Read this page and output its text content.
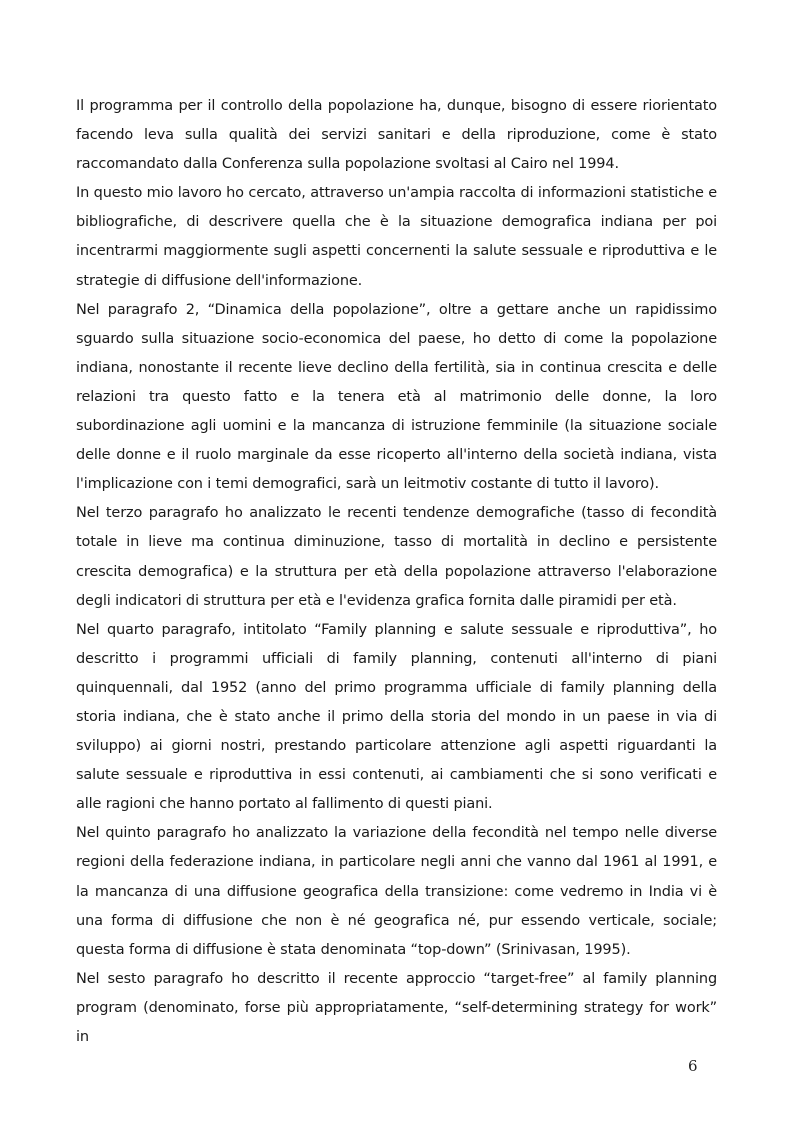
Il programma per il controllo della popolazione ha, dunque, bisogno di essere riorientato facendo leva sulla qualità dei servizi sanitari e della riproduzione, come è stato raccomandato dalla Conferenza sulla popolazione svoltasi al Cairo nel 1994.

In questo mio lavoro ho cercato, attraverso un'ampia raccolta di informazioni statistiche e bibliografiche, di descrivere quella che è la situazione demografica indiana per poi incentrarmi maggiormente sugli aspetti concernenti la salute sessuale e riproduttiva e le strategie di diffusione dell'informazione.

Nel paragrafo 2, “Dinamica della popolazione”, oltre a gettare anche un rapidissimo sguardo sulla situazione socio-economica del paese, ho detto di come la popolazione indiana, nonostante il recente lieve declino della fertilità, sia in continua crescita e delle relazioni tra questo fatto e la tenera età al matrimonio delle donne, la loro subordinazione agli uomini e la mancanza di istruzione femminile (la situazione sociale delle donne e il ruolo marginale da esse ricoperto all'interno della società indiana, vista l'implicazione con i temi demografici, sarà un leitmotiv costante di tutto il lavoro).

Nel terzo paragrafo ho analizzato le recenti tendenze demografiche (tasso di fecondità totale in lieve ma continua diminuzione, tasso di mortalità in declino e persistente crescita demografica) e la struttura per età della popolazione attraverso l'elaborazione degli indicatori di struttura per età e l'evidenza grafica fornita dalle piramidi per età.

Nel quarto paragrafo, intitolato “Family planning e salute sessuale e riproduttiva”, ho descritto i programmi ufficiali di family planning, contenuti all'interno di piani quinquennali, dal 1952 (anno del primo programma ufficiale di family planning della storia indiana, che è stato anche il primo della storia del mondo in un paese in via di sviluppo) ai giorni nostri, prestando particolare attenzione agli aspetti riguardanti la salute sessuale e riproduttiva in essi contenuti, ai cambiamenti che si sono verificati e alle ragioni che hanno portato al fallimento di questi piani.

Nel quinto paragrafo ho analizzato la variazione della fecondità nel tempo nelle diverse regioni della federazione indiana, in particolare negli anni che vanno dal 1961 al 1991, e la mancanza di una diffusione geografica della transizione: come vedremo in India vi è una forma di diffusione che non è né geografica né, pur essendo verticale, sociale; questa forma di diffusione è stata denominata “top-down” (Srinivasan, 1995).

Nel sesto paragrafo ho descritto il recente approccio “target-free” al family planning program (denominato, forse più appropriatamente, “self-determining strategy for work” in

6
